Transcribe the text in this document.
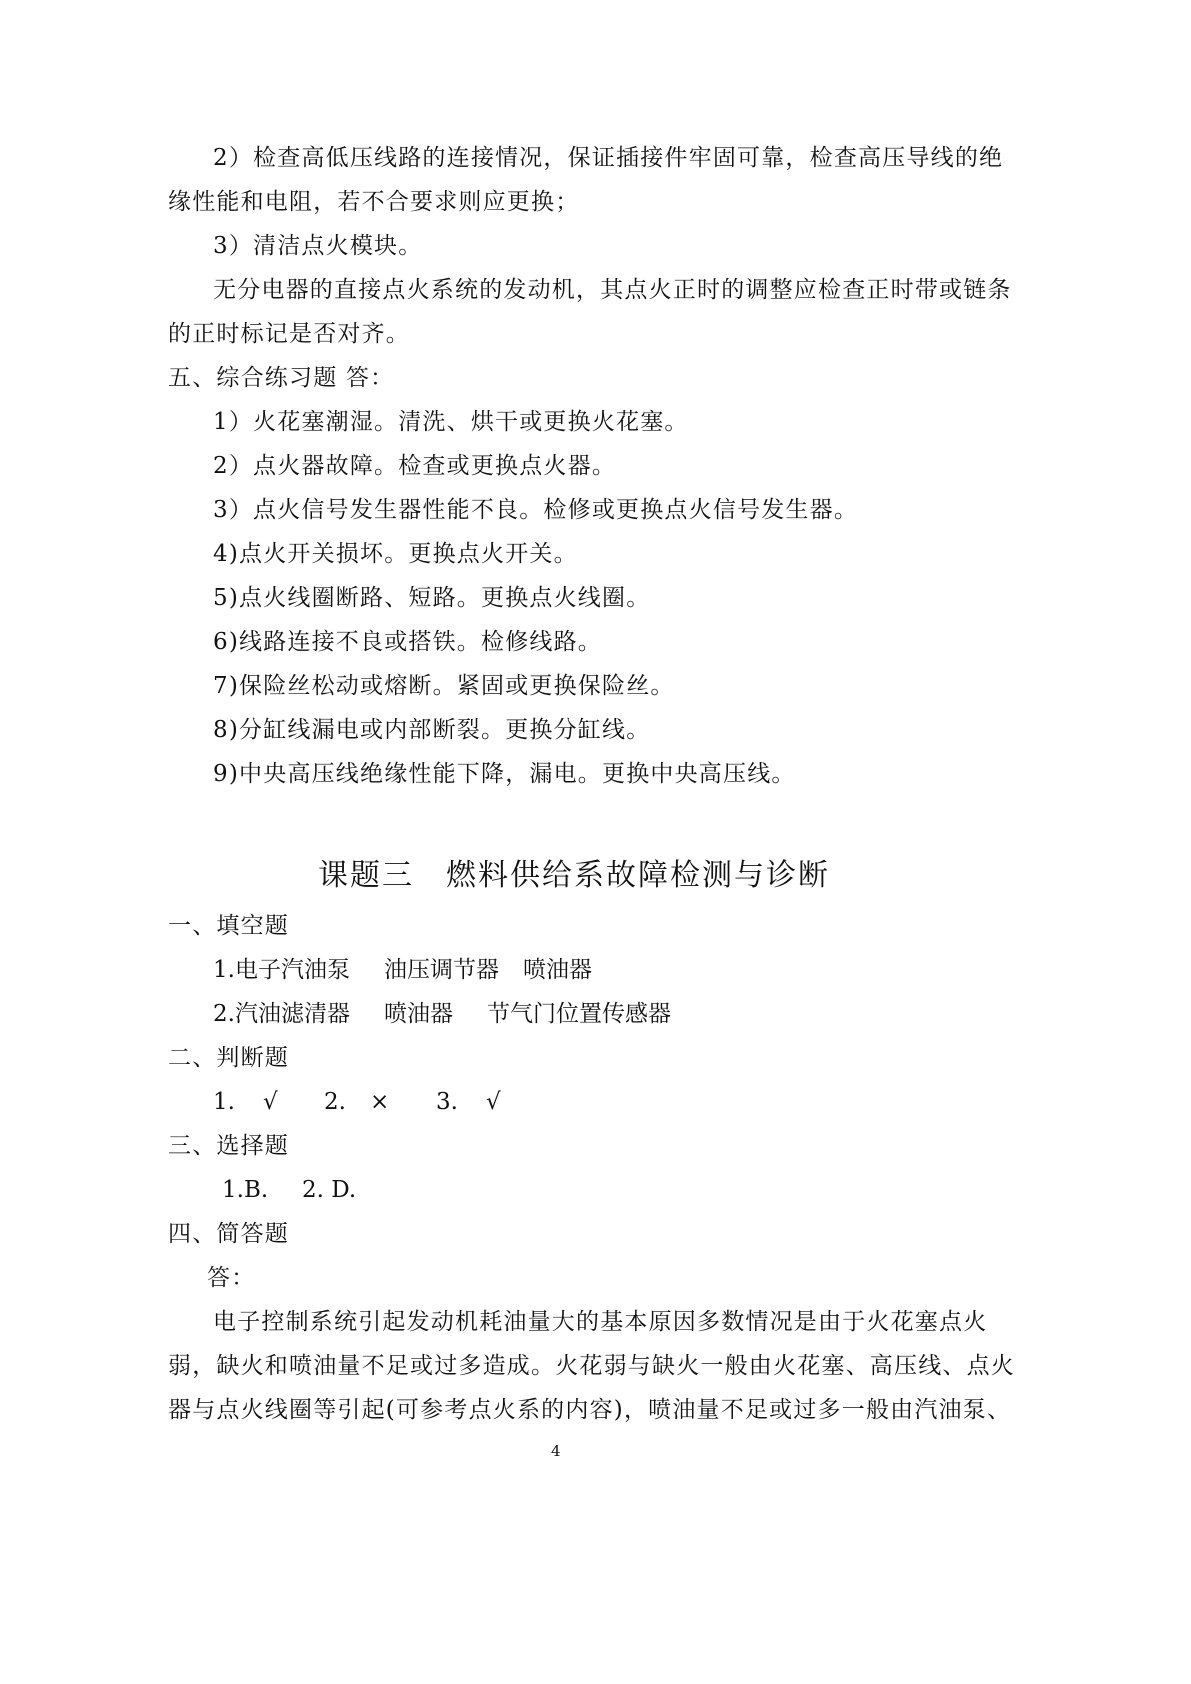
2）检查高低压线路的连接情况，保证插接件牢固可靠，检查高压导线的绝
缘性能和电阻，若不合要求则应更换；
3）清洁点火模块。
无分电器的直接点火系统的发动机，其点火正时的调整应检查正时带或链条
的正时标记是否对齐。
五、综合练习题 答：
1）火花塞潮湿。清洗、烘干或更换火花塞。
2）点火器故障。检查或更换点火器。
3）点火信号发生器性能不良。检修或更换点火信号发生器。
4)点火开关损坏。更换点火开关。
5)点火线圈断路、短路。更换点火线圈。
6)线路连接不良或搭铁。检修线路。
7)保险丝松动或熔断。紧固或更换保险丝。
8)分缸线漏电或内部断裂。更换分缸线。
9)中央高压线绝缘性能下降，漏电。更换中央高压线。
课题三　燃料供给系故障检测与诊断
一、填空题
1.电子汽油泵 油压调节器 喷油器
2.汽油滤清器 喷油器 节气门位置传感器
二、判断题
1. √ 2. × 3. √
三、选择题
1.B. 2. D.
四、简答题
答：
电子控制系统引起发动机耗油量大的基本原因多数情况是由于火花塞点火
弱，缺火和喷油量不足或过多造成。火花弱与缺火一般由火花塞、高压线、点火
器与点火线圈等引起(可参考点火系的内容)，喷油量不足或过多一般由汽油泵、
4
